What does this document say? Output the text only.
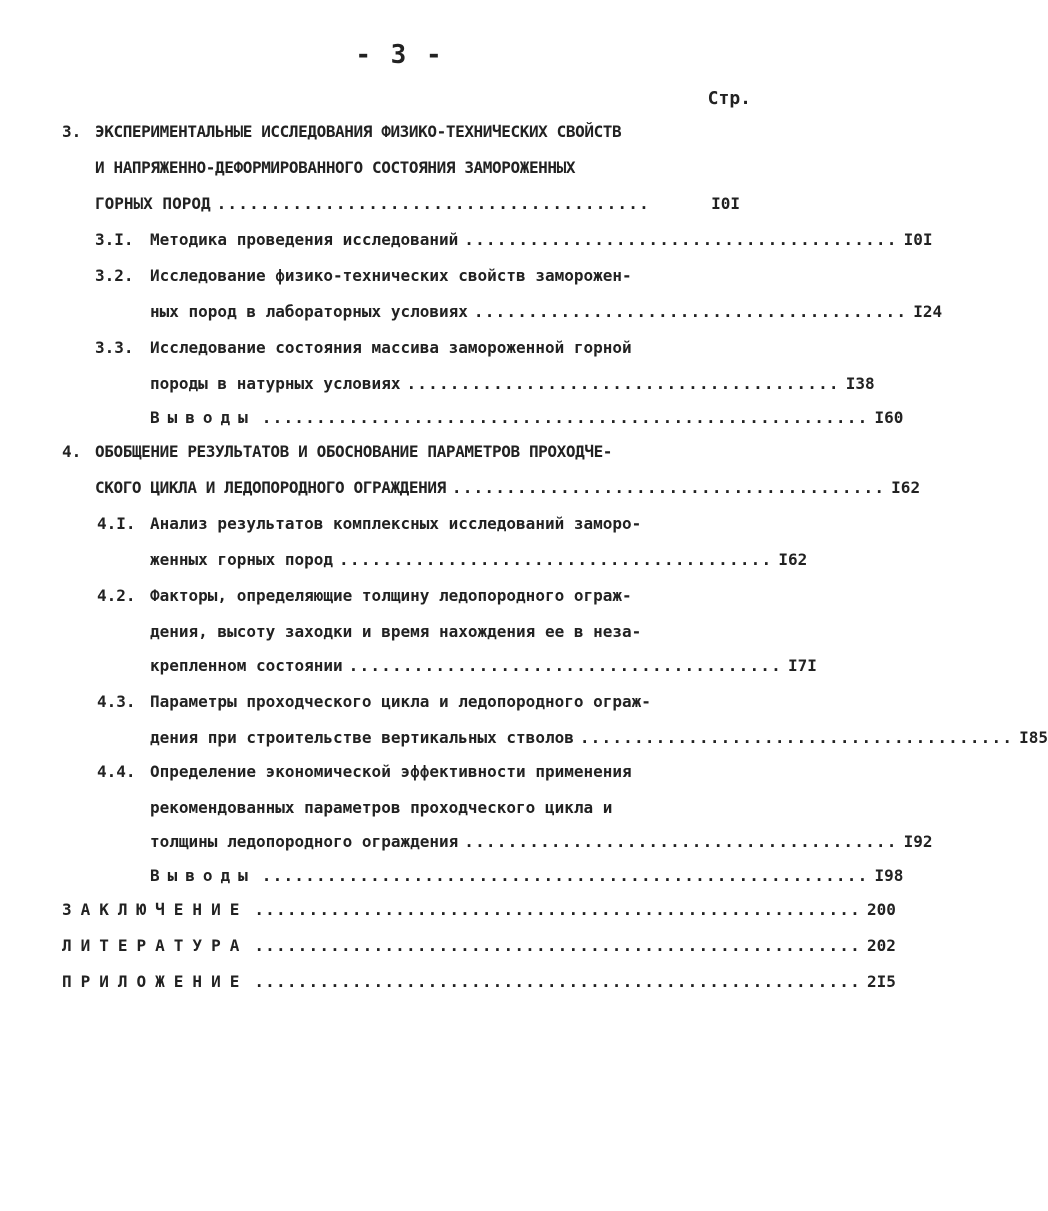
- 3 -
Стр.
3. ЭКСПЕРИМЕНТАЛЬНЫЕ ИССЛЕДОВАНИЯ ФИЗИКО-ТЕХНИЧЕСКИХ СВОЙСТВ
И НАПРЯЖЕННО-ДЕФОРМИРОВАННОГО СОСТОЯНИЯ ЗАМОРОЖЕННЫХ
ГОРНЫХ ПОРОД ........................................	I0I
3.I. Методика проведения исследований ........................................ I0I
3.2. Исследование физико-технических свойств заморожен-
ных пород в лабораторных условиях ........................................ I24
3.3. Исследование состояния массива замороженной горной
породы в натурных условиях ........................................ I38
Выводы ........................................................ I60
4. ОБОБЩЕНИЕ РЕЗУЛЬТАТОВ И ОБОСНОВАНИЕ ПАРАМЕТРОВ ПРОХОДЧЕ-
СКОГО ЦИКЛА И ЛЕДОПОРОДНОГО ОГРАЖДЕНИЯ ........................................ I62
4.I. Анализ результатов комплексных исследований заморо-
женных горных пород ........................................ I62
4.2. Факторы, определяющие толщину ледопородного ограж-
дения, высоту заходки и время нахождения ее в неза-
крепленном состоянии ........................................ I7I
4.3. Параметры проходческого цикла и ледопородного ограж-
дения при строительстве вертикальных стволов ........................................ I85
4.4. Определение экономической эффективности применения
рекомендованных параметров проходческого цикла и
толщины ледопородного ограждения ........................................ I92
Выводы ........................................................ I98
ЗАКЛЮЧЕНИЕ ........................................................ 200
ЛИТЕРАТУРА ........................................................ 202
ПРИЛОЖЕНИЕ ........................................................ 2I5
